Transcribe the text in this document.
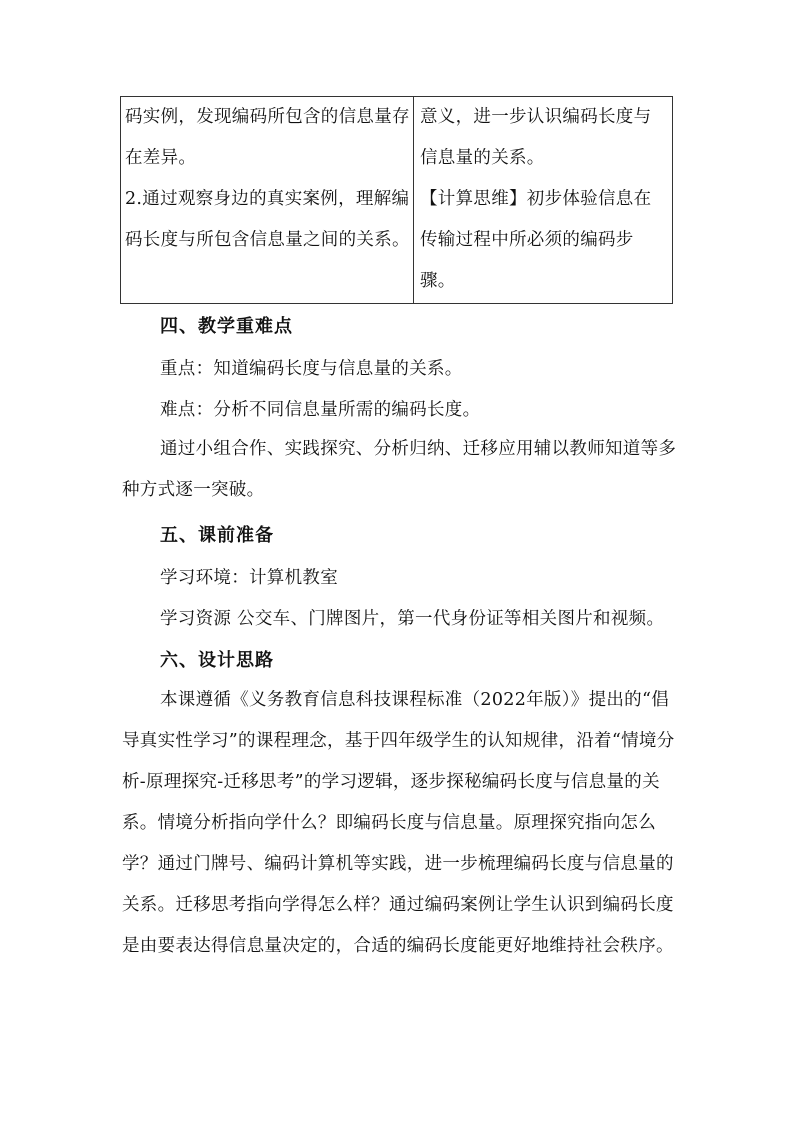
码实例，发现编码所包含的信息量存在差异。

2.通过观察身边的真实案例，理解编码长度与所包含信息量之间的关系。

意义，进一步认识编码长度与信息量的关系。

【计算思维】初步体验信息在传输过程中所必须的编码步骤。

四、教学重难点
重点：知道编码长度与信息量的关系。
难点：分析不同信息量所需的编码长度。

通过小组合作、实践探究、分析归纳、迁移应用辅以教师知道等多种方式逐一突破。

五、课前准备
学习环境：计算机教室
学习资源 公交车、门牌图片，第一代身份证等相关图片和视频。
六、设计思路

本课遵循《义务教育信息科技课程标准（2022年版）》提出的“倡导真实性学习”的课程理念，基于四年级学生的认知规律，沿着“情境分析-原理探究-迁移思考”的学习逻辑，逐步探秘编码长度与信息量的关系。情境分析指向学什么？即编码长度与信息量。原理探究指向怎么学？通过门牌号、编码计算机等实践，进一步梳理编码长度与信息量的关系。迁移思考指向学得怎么样？通过编码案例让学生认识到编码长度是由要表达得信息量决定的，合适的编码长度能更好地维持社会秩序。
